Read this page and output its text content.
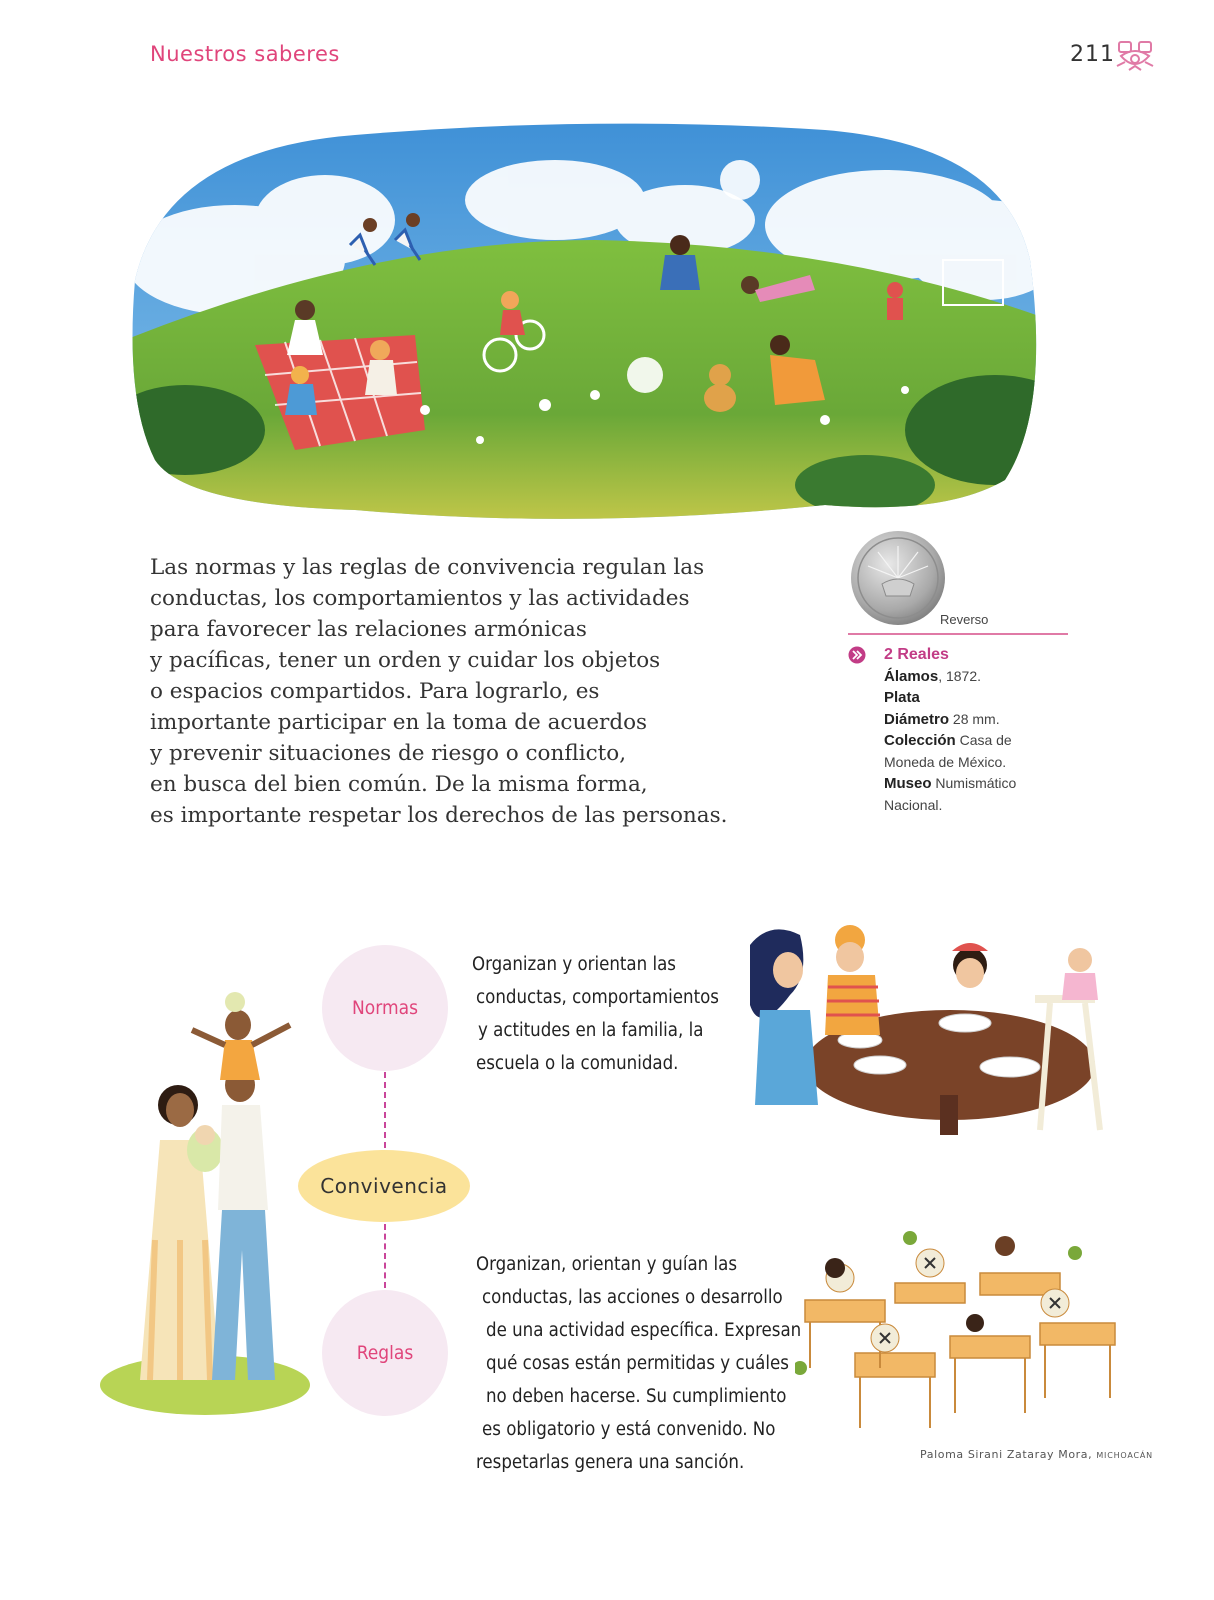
Nuestros saberes	211
Las normas y las reglas de convivencia regulan las
conductas, los comportamientos y las actividades
para favorecer las relaciones armónicas
y pacíficas, tener un orden y cuidar los objetos
o espacios compartidos. Para lograrlo, es
importante participar en la toma de acuerdos
y prevenir situaciones de riesgo o conflicto,
en busca del bien común. De la misma forma,
es importante respetar los derechos de las personas.
Reverso
2 Reales
Álamos, 1872.
Plata
Diámetro 28 mm.
Colección Casa de
Moneda de México.
Museo Numismático
Nacional.
Normas
Convivencia
Reglas
Organizan y orientan las
conductas, comportamientos
y actitudes en la familia, la
escuela o la comunidad.
Organizan, orientan y guían las
conductas, las acciones o desarrollo
de una actividad específica. Expresan
qué cosas están permitidas y cuáles
no deben hacerse. Su cumplimiento
es obligatorio y está convenido. No
respetarlas genera una sanción.	Paloma Sirani Zataray Mora, MICHOACÁN
